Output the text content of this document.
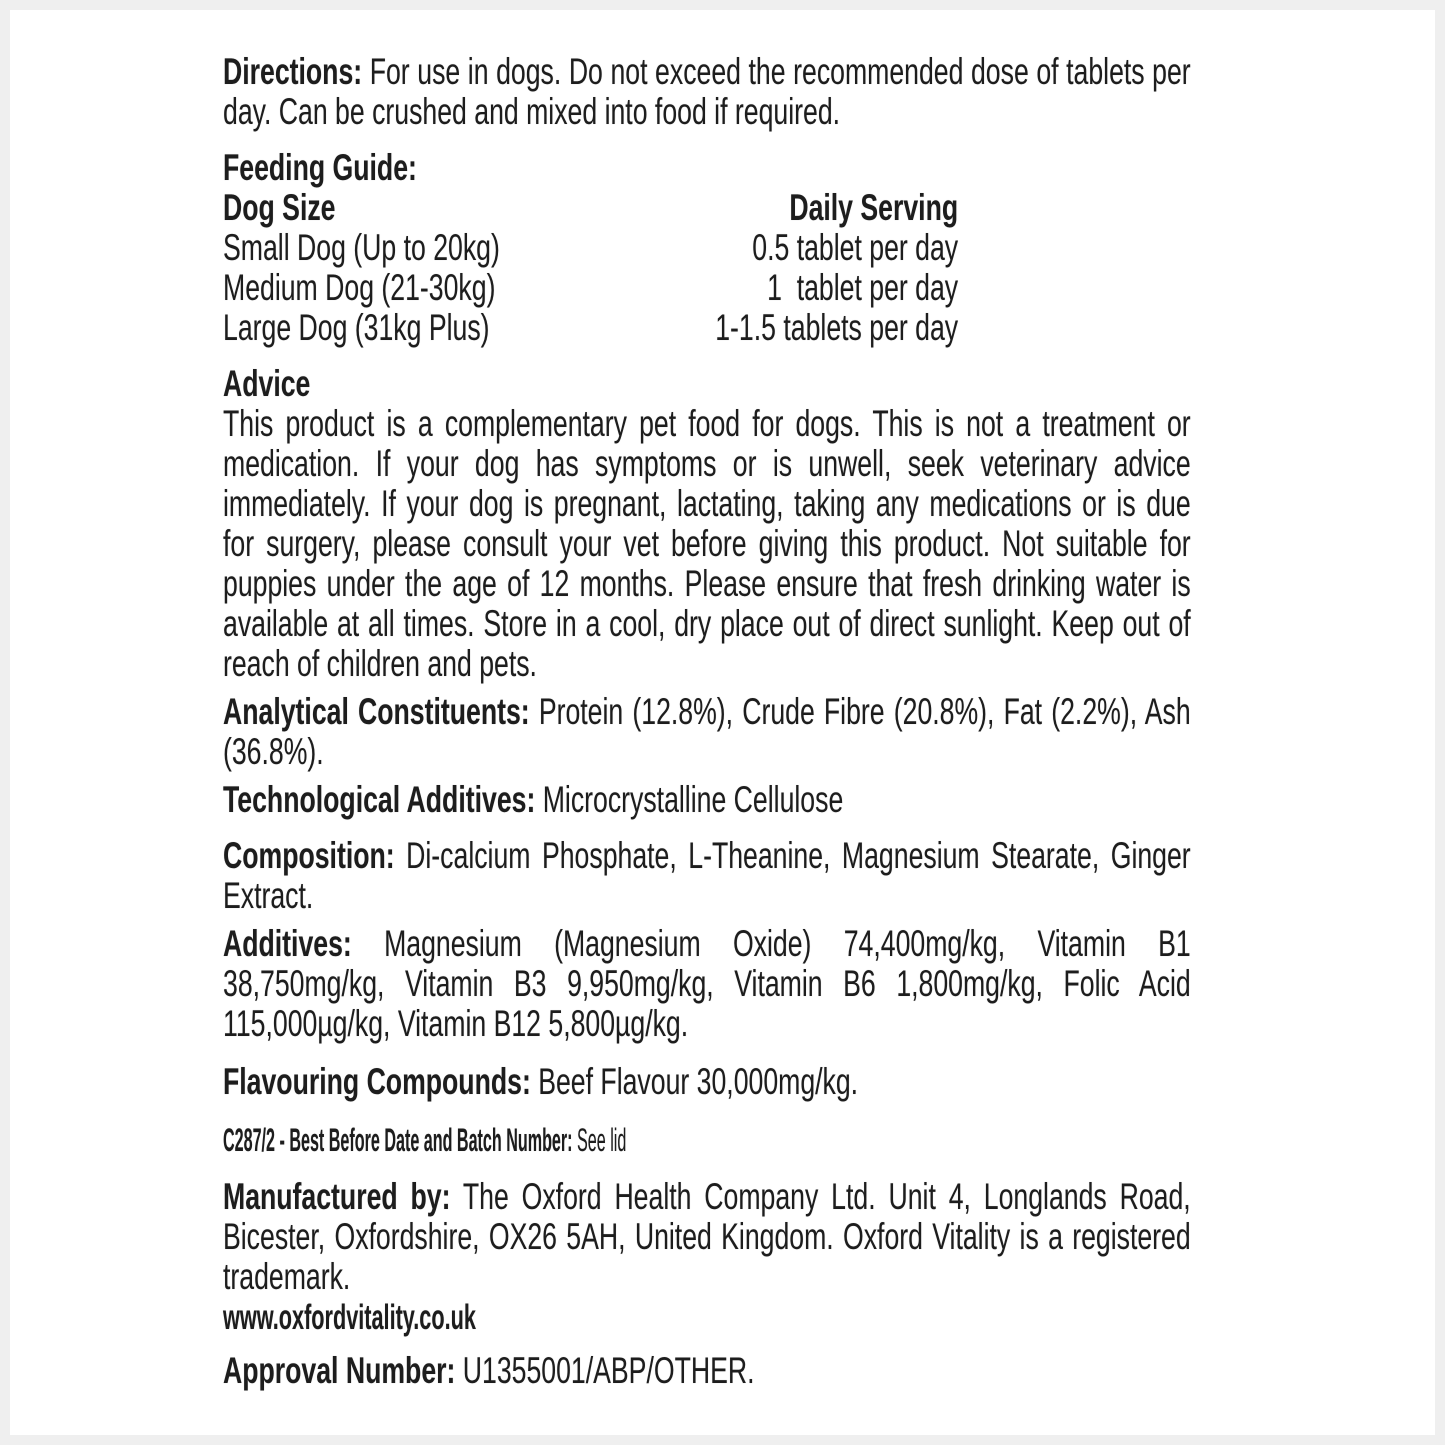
Directions: For use in dogs. Do not exceed the recommended dose of tablets per day. Can be crushed and mixed into food if required.

Feeding Guide:

Dog Size	Daily Serving
Small Dog (Up to 20kg)	0.5 tablet per day
Medium Dog (21-30kg)	1  tablet per day
Large Dog (31kg Plus)	1-1.5 tablets per day

Advice

This product is a complementary pet food for dogs. This is not a treatment or medication. If your dog has symptoms or is unwell, seek veterinary advice immediately. If your dog is pregnant, lactating, taking any medications or is due for surgery, please consult your vet before giving this product. Not suitable for puppies under the age of 12 months. Please ensure that fresh drinking water is available at all times. Store in a cool, dry place out of direct sunlight. Keep out of reach of children and pets.

Analytical Constituents: Protein (12.8%), Crude Fibre (20.8%), Fat (2.2%), Ash (36.8%).

Technological Additives: Microcrystalline Cellulose

Composition: Di-calcium Phosphate, L-Theanine, Magnesium Stearate, Ginger Extract.

Additives: Magnesium (Magnesium Oxide) 74,400mg/kg, Vitamin B1 38,750mg/kg, Vitamin B3 9,950mg/kg, Vitamin B6 1,800mg/kg, Folic Acid 115,000µg/kg, Vitamin B12 5,800µg/kg.

Flavouring Compounds: Beef Flavour 30,000mg/kg.

C287/2 - Best Before Date and Batch Number: See lid

Manufactured by: The Oxford Health Company Ltd. Unit 4, Longlands Road, Bicester, Oxfordshire, OX26 5AH, United Kingdom. Oxford Vitality is a registered trademark.

www.oxfordvitality.co.uk

Approval Number: U1355001/ABP/OTHER.
